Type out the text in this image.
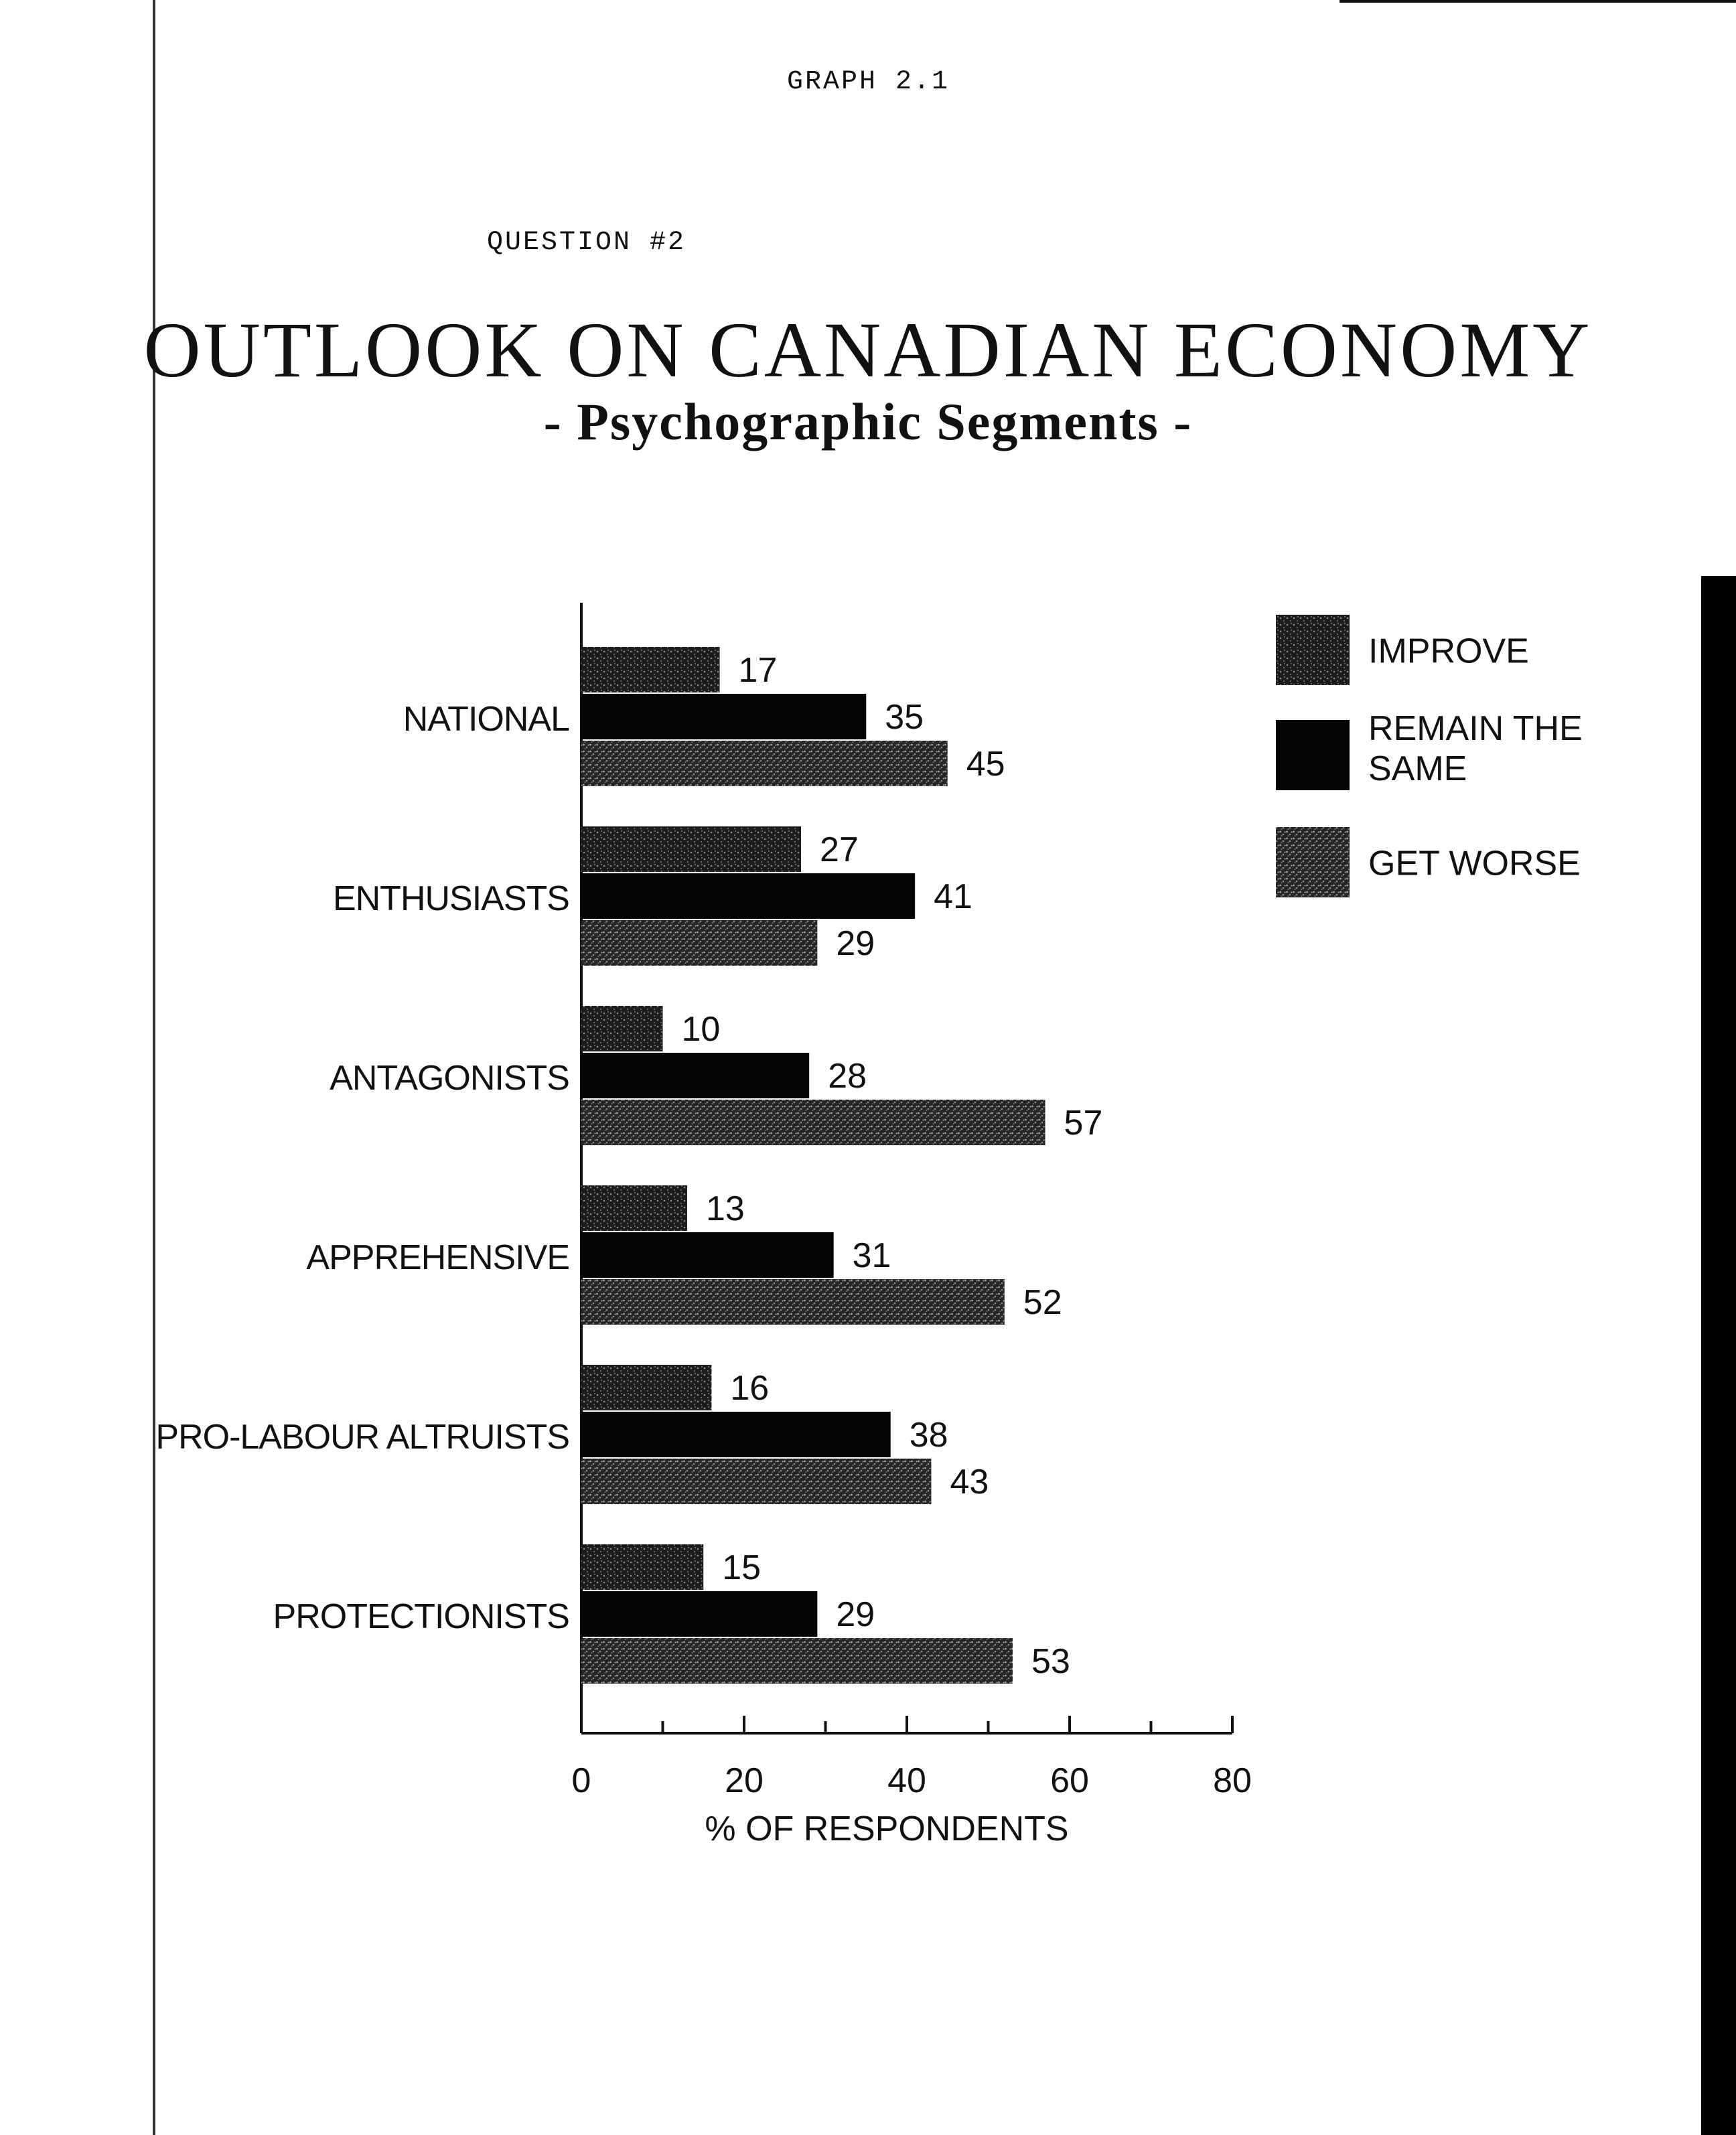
GRAPH 2.1
QUESTION #2
OUTLOOK ON CANADIAN ECONOMY
- Psychographic Segments -
0	20	40	60	80
% OF RESPONDENTS
NATIONAL
17
35
45
ENTHUSIASTS
27
41
29
ANTAGONISTS
10
28
57
APPREHENSIVE
13
31
52
PRO-LABOUR ALTRUISTS
16
38
43
PROTECTIONISTS
15
29
53
IMPROVE
REMAIN THE SAME
GET WORSE
